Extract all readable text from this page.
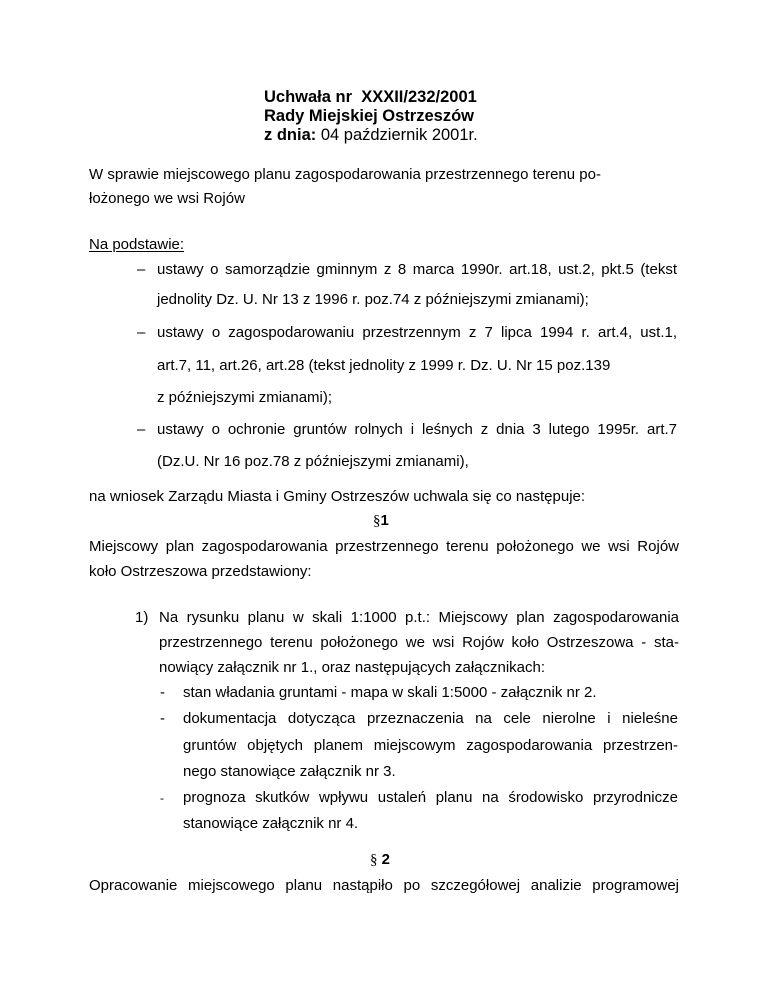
Uchwała nr XXXII/232/2001
Rady Miejskiej Ostrzeszów
z dnia: 04 październik 2001r.
W sprawie miejscowego planu zagospodarowania przestrzennego terenu po-
łożonego we wsi Rojów
Na podstawie:
– ustawy o samorządzie gminnym z 8 marca 1990r. art.18, ust.2, pkt.5 (tekst
jednolity Dz. U. Nr 13 z 1996 r. poz.74 z późniejszymi zmianami);
– ustawy o zagospodarowaniu przestrzennym z 7 lipca 1994 r. art.4, ust.1,
art.7, 11, art.26, art.28 (tekst jednolity z 1999 r. Dz. U. Nr 15 poz.139
z późniejszymi zmianami);
– ustawy o ochronie gruntów rolnych i leśnych z dnia 3 lutego 1995r. art.7
(Dz.U. Nr 16 poz.78 z późniejszymi zmianami),
na wniosek Zarządu Miasta i Gminy Ostrzeszów uchwala się co następuje:
§1
Miejscowy plan zagospodarowania przestrzennego terenu położonego we wsi Rojów
koło Ostrzeszowa przedstawiony:
1) Na rysunku planu w skali 1:1000 p.t.: Miejscowy plan zagospodarowania
przestrzennego terenu położonego we wsi Rojów koło Ostrzeszowa - sta-
nowiący załącznik nr 1., oraz następujących załącznikach:
- stan władania gruntami - mapa w skali 1:5000 - załącznik nr 2.
- dokumentacja dotycząca przeznaczenia na cele nierolne i nieleśne
gruntów objętych planem miejscowym zagospodarowania przestrzen-
nego stanowiące załącznik nr 3.
- prognoza skutków wpływu ustaleń planu na środowisko przyrodnicze
stanowiące załącznik nr 4.
§ 2
Opracowanie miejscowego planu nastąpiło po szczegółowej analizie programowej
